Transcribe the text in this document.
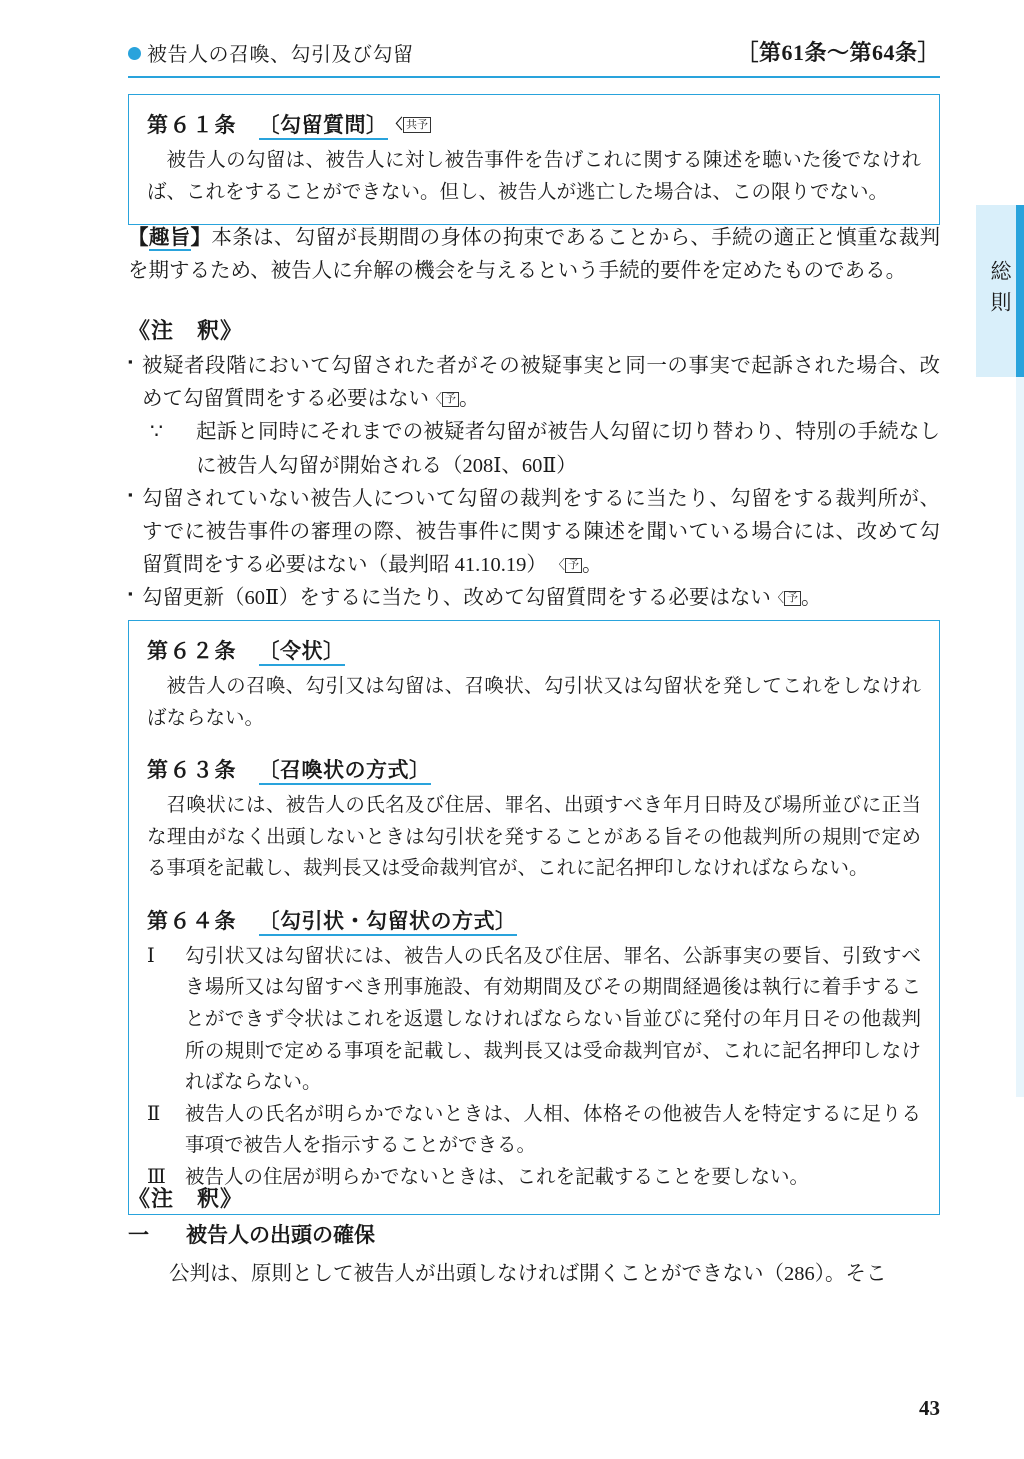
被告人の召喚、勾引及び勾留	［第61条〜第64条］
総則
第６１条 〔勾留質問〕 〈 共予

被告人の勾留は、被告人に対し被告事件を告げこれに関する陳述を聴いた後でなければ、これをすることができない。但し、被告人が逃亡した場合は、この限りでない。

【趣旨】本条は、勾留が長期間の身体の拘束であることから、手続の適正と慎重な裁判を期するため、被告人に弁解の機会を与えるという手続的要件を定めたものである。
《注　釈》
▪ 被疑者段階において勾留された者がその被疑事実と同一の事実で起訴された場合、改めて勾留質問をする必要はない 〈 予 。
∵	起訴と同時にそれまでの被疑者勾留が被告人勾留に切り替わり、特別の手続なしに被告人勾留が開始される（208Ⅰ、60Ⅱ）
▪ 勾留されていない被告人について勾留の裁判をするに当たり、勾留をする裁判所が、すでに被告事件の審理の際、被告事件に関する陳述を聞いている場合には、改めて勾留質問をする必要はない（最判昭 41.10.19） 〈 予 。
▪ 勾留更新（60Ⅱ）をするに当たり、改めて勾留質問をする必要はない 〈 予 。
第６２条 〔令状〕

被告人の召喚、勾引又は勾留は、召喚状、勾引状又は勾留状を発してこれをしなければならない。

第６３条 〔召喚状の方式〕

召喚状には、被告人の氏名及び住居、罪名、出頭すべき年月日時及び場所並びに正当な理由がなく出頭しないときは勾引状を発することがある旨その他裁判所の規則で定める事項を記載し、裁判長又は受命裁判官が、これに記名押印しなければならない。

第６４条 〔勾引状・勾留状の方式〕
Ⅰ	勾引状又は勾留状には、被告人の氏名及び住居、罪名、公訴事実の要旨、引致すべき場所又は勾留すべき刑事施設、有効期間及びその期間経過後は執行に着手することができず令状はこれを返還しなければならない旨並びに発付の年月日その他裁判所の規則で定める事項を記載し、裁判長又は受命裁判官が、これに記名押印しなければならない。
Ⅱ	被告人の氏名が明らかでないときは、人相、体格その他被告人を特定するに足りる事項で被告人を指示することができる。
Ⅲ 被告人の住居が明らかでないときは、これを記載することを要しない。
《注　釈》
一	被告人の出頭の確保
公判は、原則として被告人が出頭しなければ開くことができない（286）。そこ
43
